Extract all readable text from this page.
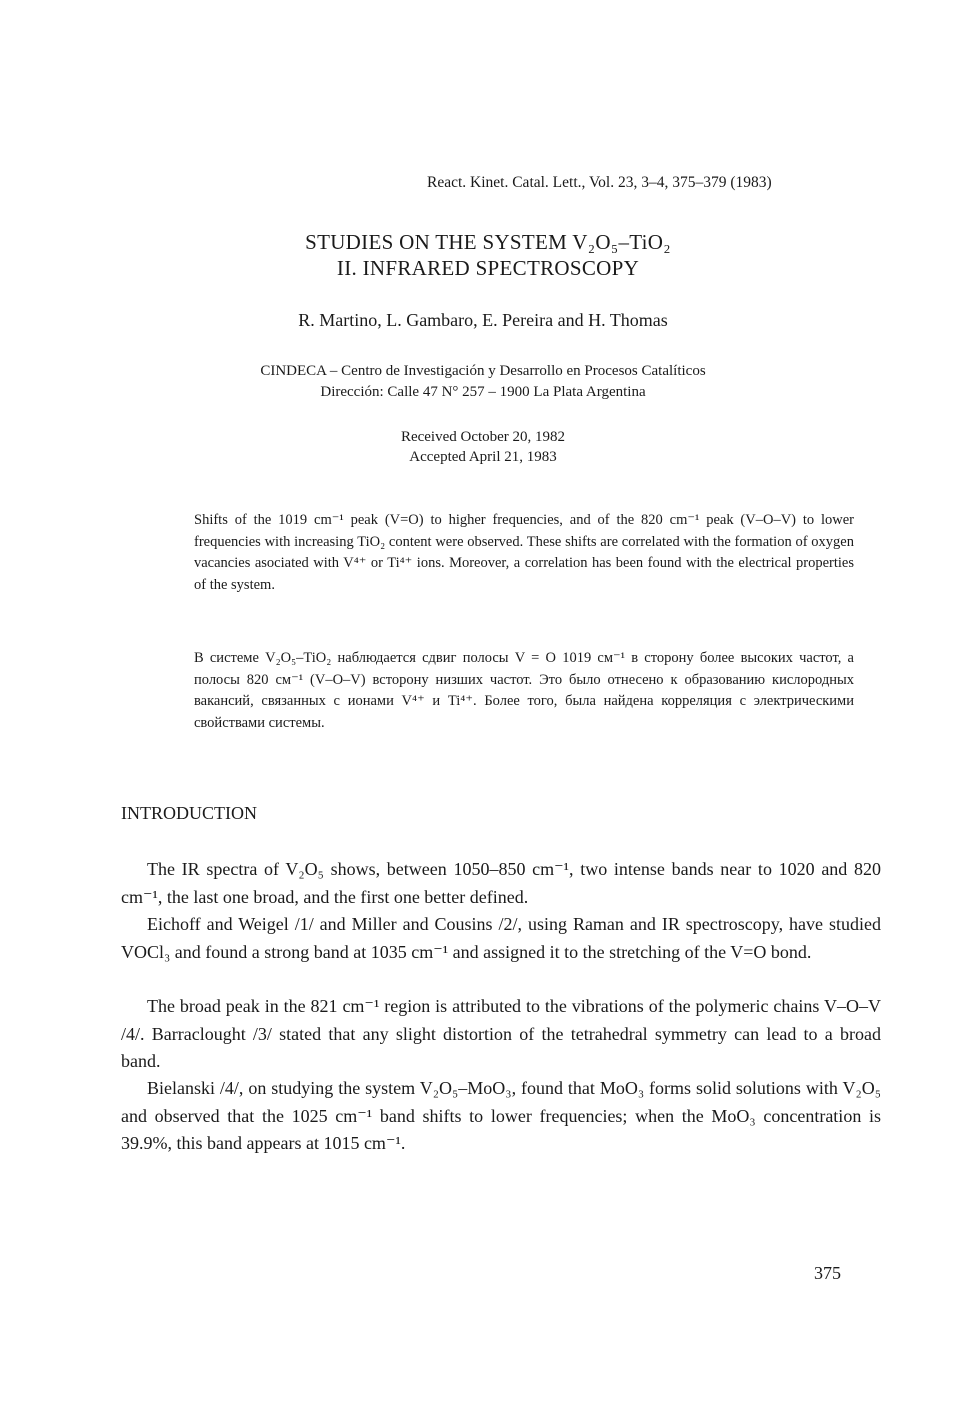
React. Kinet. Catal. Lett., Vol. 23, 3–4, 375–379 (1983)
STUDIES ON THE SYSTEM V₂O₅–TiO₂
II. INFRARED SPECTROSCOPY
R. Martino, L. Gambaro, E. Pereira and H. Thomas
CINDECA – Centro de Investigación y Desarrollo en Procesos Catalíticos
Dirección: Calle 47 N° 257 – 1900 La Plata Argentina
Received October 20, 1982
Accepted April 21, 1983

Shifts of the 1019 cm⁻¹ peak (V=O) to higher frequencies, and of the 820 cm⁻¹ peak (V–O–V) to lower frequencies with increasing TiO₂ content were observed. These shifts are correlated with the formation of oxygen vacancies asociated with V⁴⁺ or Ti⁴⁺ ions. Moreover, a correlation has been found with the electrical properties of the system.

В системе V₂O₅–TiO₂ наблюдается сдвиг полосы V = O 1019 см⁻¹ в сторону более высоких частот, а полосы 820 см⁻¹ (V–O–V) всторону низших частот. Это было отнесено к образованию кислородных вакансий, связанных с ионами V⁴⁺ и Ti⁴⁺. Более того, была найдена корреляция с электрическими свойствами системы.

INTRODUCTION
The IR spectra of V₂O₅ shows, between 1050–850 cm⁻¹, two intense bands near to 1020 and 820 cm⁻¹, the last one broad, and the first one better defined.
Eichoff and Weigel /1/ and Miller and Cousins /2/, using Raman and IR spectroscopy, have studied VOCl₃ and found a strong band at 1035 cm⁻¹ and assigned it to the stretching of the V=O bond.
The broad peak in the 821 cm⁻¹ region is attributed to the vibrations of the polymeric chains V–O–V /4/. Barraclought /3/ stated that any slight distortion of the tetrahedral symmetry can lead to a broad band.
Bielanski /4/, on studying the system V₂O₅–MoO₃, found that MoO₃ forms solid solutions with V₂O₅ and observed that the 1025 cm⁻¹ band shifts to lower frequencies; when the MoO₃ concentration is 39.9%, this band appears at 1015 cm⁻¹.
375
